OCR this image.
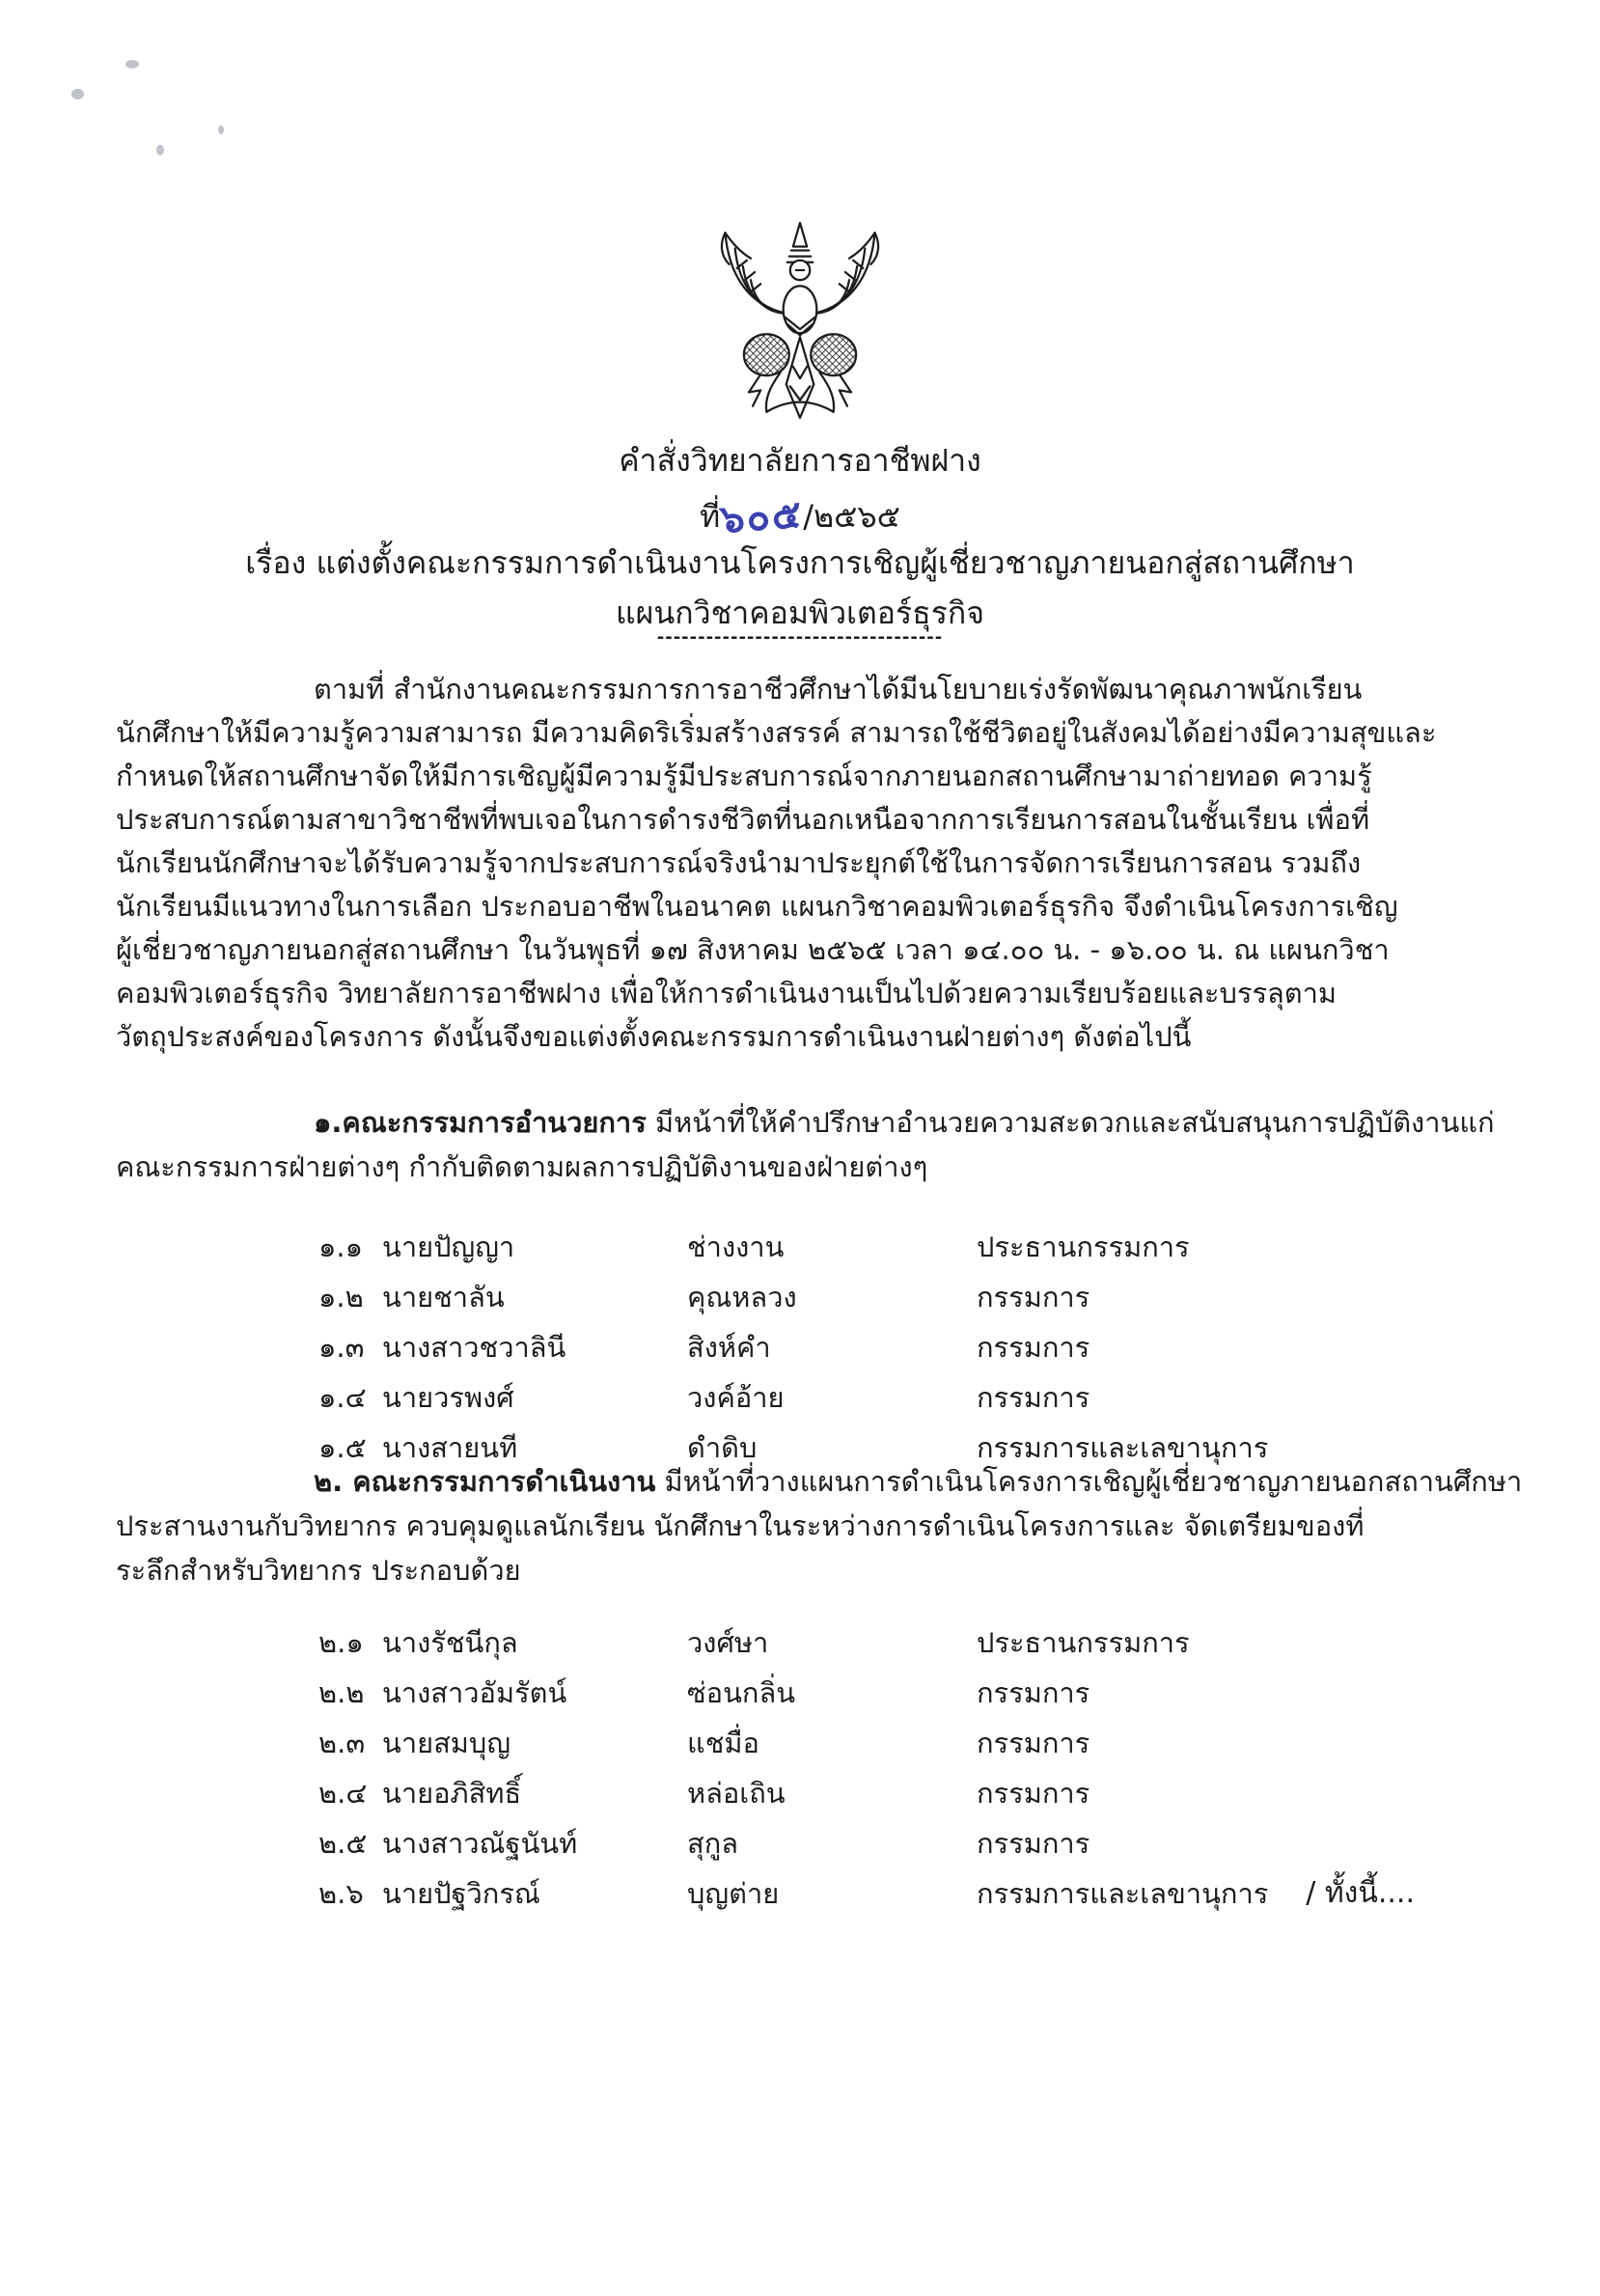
คำสั่งวิทยาลัยการอาชีพฝาง
ที่๖๐๕/๒๕๖๕
เรื่อง แต่งตั้งคณะกรรมการดำเนินงานโครงการเชิญผู้เชี่ยวชาญภายนอกสู่สถานศึกษา
แผนกวิชาคอมพิวเตอร์ธุรกิจ
-----------------------------------
ตามที่ สำนักงานคณะกรรมการการอาชีวศึกษาได้มีนโยบายเร่งรัดพัฒนาคุณภาพนักเรียน
นักศึกษาให้มีความรู้ความสามารถ มีความคิดริเริ่มสร้างสรรค์ สามารถใช้ชีวิตอยู่ในสังคมได้อย่างมีความสุขและ
กำหนดให้สถานศึกษาจัดให้มีการเชิญผู้มีความรู้มีประสบการณ์จากภายนอกสถานศึกษามาถ่ายทอด ความรู้
ประสบการณ์ตามสาขาวิชาชีพที่พบเจอในการดำรงชีวิตที่นอกเหนือจากการเรียนการสอนในชั้นเรียน เพื่อที่
นักเรียนนักศึกษาจะได้รับความรู้จากประสบการณ์จริงนำมาประยุกต์ใช้ในการจัดการเรียนการสอน รวมถึง
นักเรียนมีแนวทางในการเลือก ประกอบอาชีพในอนาคต แผนกวิชาคอมพิวเตอร์ธุรกิจ จึงดำเนินโครงการเชิญ
ผู้เชี่ยวชาญภายนอกสู่สถานศึกษา ในวันพุธที่ ๑๗ สิงหาคม ๒๕๖๕ เวลา ๑๔.๐๐ น. - ๑๖.๐๐ น. ณ แผนกวิชา
คอมพิวเตอร์ธุรกิจ วิทยาลัยการอาชีพฝาง เพื่อให้การดำเนินงานเป็นไปด้วยความเรียบร้อยและบรรลุตาม
วัตถุประสงค์ของโครงการ ดังนั้นจึงขอแต่งตั้งคณะกรรมการดำเนินงานฝ่ายต่างๆ ดังต่อไปนี้
๑.คณะกรรมการอำนวยการ มีหน้าที่ให้คำปรึกษาอำนวยความสะดวกและสนับสนุนการปฏิบัติงานแก่
คณะกรรมการฝ่ายต่างๆ กำกับติดตามผลการปฏิบัติงานของฝ่ายต่างๆ
๑.๑ นายปัญญา	ช่างงาน	ประธานกรรมการ
๑.๒ นายชาลัน	คุณหลวง	กรรมการ
๑.๓ นางสาวชวาลินี	สิงห์คำ	กรรมการ
๑.๔ นายวรพงศ์	วงค์อ้าย	กรรมการ
๑.๕ นางสายนที	ดำดิบ	กรรมการและเลขานุการ
๒. คณะกรรมการดำเนินงาน มีหน้าที่วางแผนการดำเนินโครงการเชิญผู้เชี่ยวชาญภายนอกสถานศึกษา
ประสานงานกับวิทยากร ควบคุมดูแลนักเรียน นักศึกษาในระหว่างการดำเนินโครงการและ จัดเตรียมของที่
ระลึกสำหรับวิทยากร ประกอบด้วย
๒.๑ นางรัชนีกุล	วงศ์ษา	ประธานกรรมการ
๒.๒ นางสาวอัมรัตน์	ซ่อนกลิ่น	กรรมการ
๒.๓ นายสมบุญ	แชมื่อ	กรรมการ
๒.๔ นายอภิสิทธิ์	หล่อเถิน	กรรมการ
๒.๕ นางสาวณัฐนันท์	สุกูล	กรรมการ
๒.๖ นายปัฐวิกรณ์	บุญต่าย	กรรมการและเลขานุการ / ทั้งนี้....
